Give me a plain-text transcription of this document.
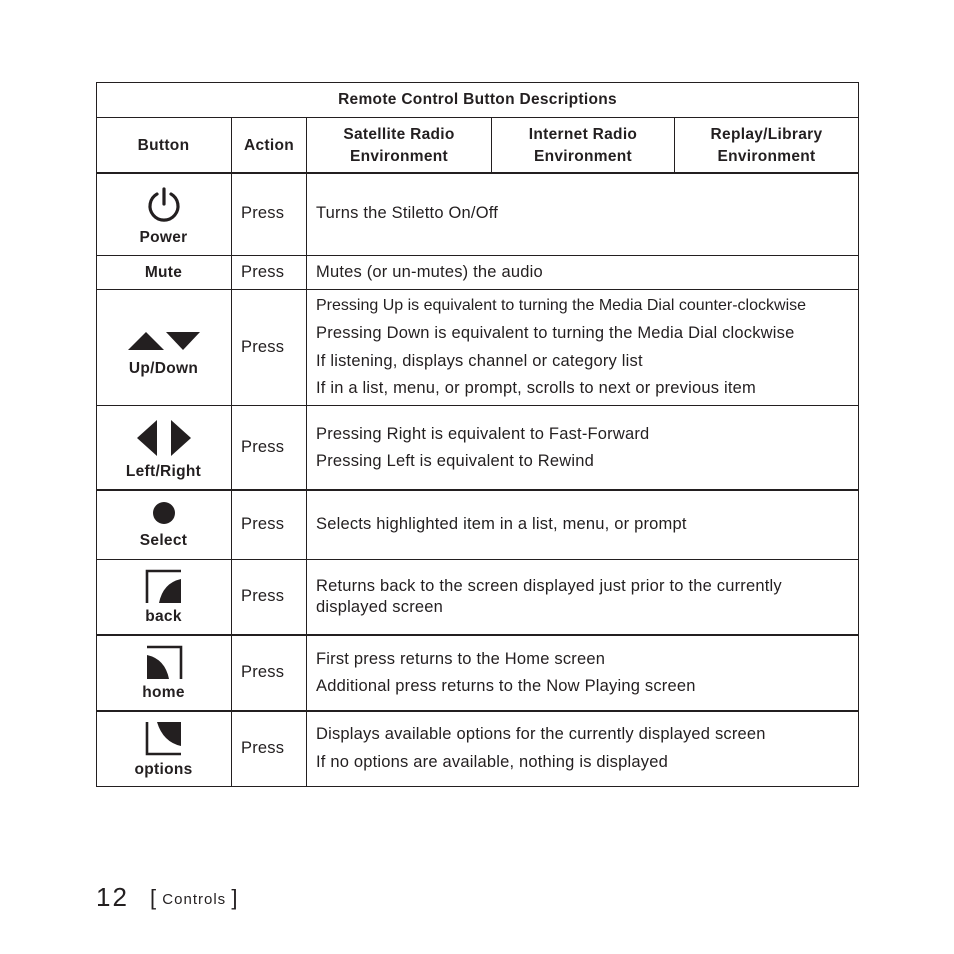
Remote Control Button Descriptions
Button	Action
Satellite Radio
Environment
Internet Radio
Environment
Replay/Library
Environment
Power
Press Turns the Stiletto On/Off
Mute	Press Mutes (or un-mutes) the audio
Up/Down
Press
Pressing Up is equivalent to turning the Media Dial counter-clockwise
Pressing Down is equivalent to turning the Media Dial clockwise
If listening, displays channel or category list
If in a list, menu, or prompt, scrolls to next or previous item
Left/Right
Press
Pressing Right is equivalent to Fast-Forward
Pressing Left is equivalent to Rewind
Select
Press Selects highlighted item in a list, menu, or prompt
back
Press
Returns back to the screen displayed just prior to the currently
displayed screen
home
Press
First press returns to the Home screen
Additional press returns to the Now Playing screen
options
Press
Displays available options for the currently displayed screen
If no options are available, nothing is displayed
12 [ Controls ]
